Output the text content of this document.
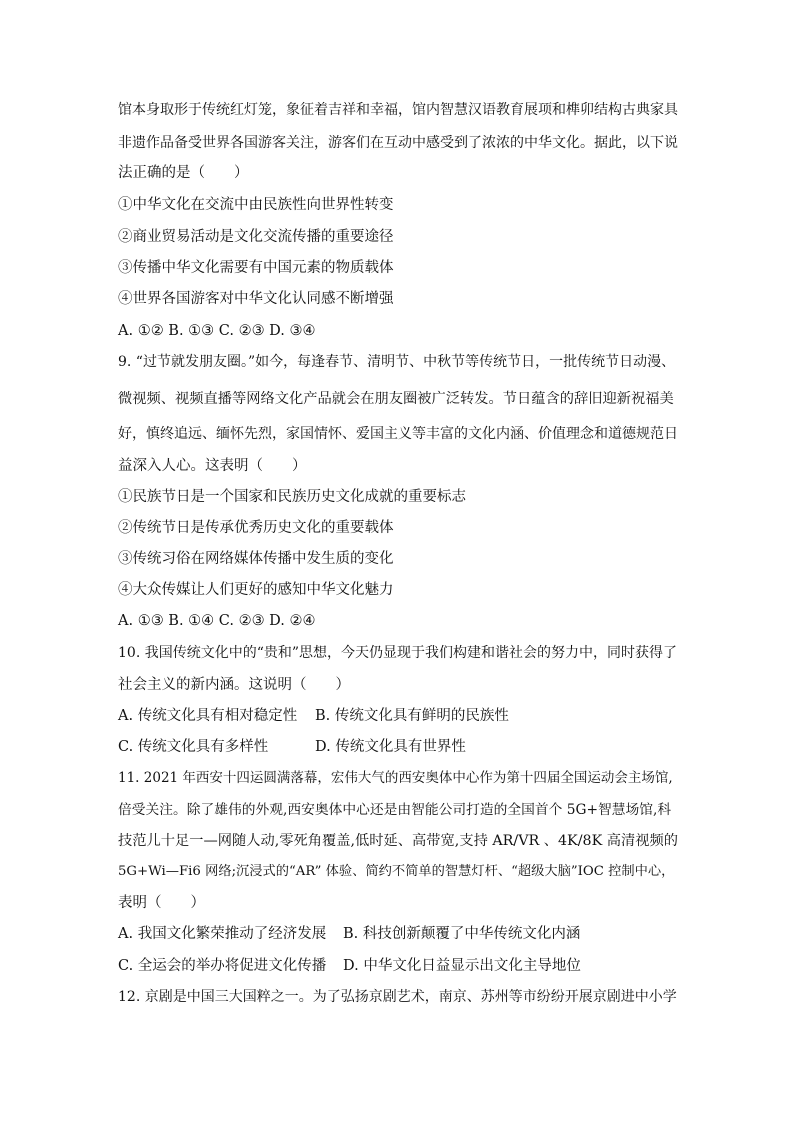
馆本身取形于传统红灯笼，象征着吉祥和幸福，馆内智慧汉语教育展项和榫卯结构古典家具

非遗作品备受世界各国游客关注，游客们在互动中感受到了浓浓的中华文化。据此，以下说

法正确的是（　　）

①中华文化在交流中由民族性向世界性转变

②商业贸易活动是文化交流传播的重要途径

③传播中华文化需要有中国元素的物质载体

④世界各国游客对中华文化认同感不断增强

A. ①② B. ①③ C. ②③ D. ③④

9. “过节就发朋友圈。”如今，每逢春节、清明节、中秋节等传统节日，一批传统节日动漫、

微视频、视频直播等网络文化产品就会在朋友圈被广泛转发。节日蕴含的辞旧迎新祝福美

好，慎终追远、缅怀先烈，家国情怀、爱国主义等丰富的文化内涵、价值理念和道德规范日

益深入人心。这表明（　　）

①民族节日是一个国家和民族历史文化成就的重要标志

②传统节日是传承优秀历史文化的重要载体

③传统习俗在网络媒体传播中发生质的变化

④大众传媒让人们更好的感知中华文化魅力

A. ①③ B. ①④ C. ②③ D. ②④

10. 我国传统文化中的“贵和”思想，今天仍显现于我们构建和谐社会的努力中，同时获得了

社会主义的新内涵。这说明（　　）

A. 传统文化具有相对稳定性 B. 传统文化具有鲜明的民族性
C. 传统文化具有多样性	D. 传统文化具有世界性

11. 2021 年西安十四运圆满落幕，宏伟大气的西安奥体中心作为第十四届全国运动会主场馆,

倍受关注。除了雄伟的外观,西安奥体中心还是由智能公司打造的全国首个 5G+智慧场馆,科

技范儿十足一—网随人动,零死角覆盖,低时延、高带宽,支持 AR/VR 、4K/8K 高清视频的

5G+Wi—Fi6 网络;沉浸式的“AR” 体验、简约不简单的智慧灯杆、“超级大脑”IOC 控制中心，

表明（　　）

A. 我国文化繁荣推动了经济发展 B. 科技创新颠覆了中华传统文化内涵
C. 全运会的举办将促进文化传播 D. 中华文化日益显示出文化主导地位

12. 京剧是中国三大国粹之一。为了弘扬京剧艺术，南京、苏州等市纷纷开展京剧进中小学
